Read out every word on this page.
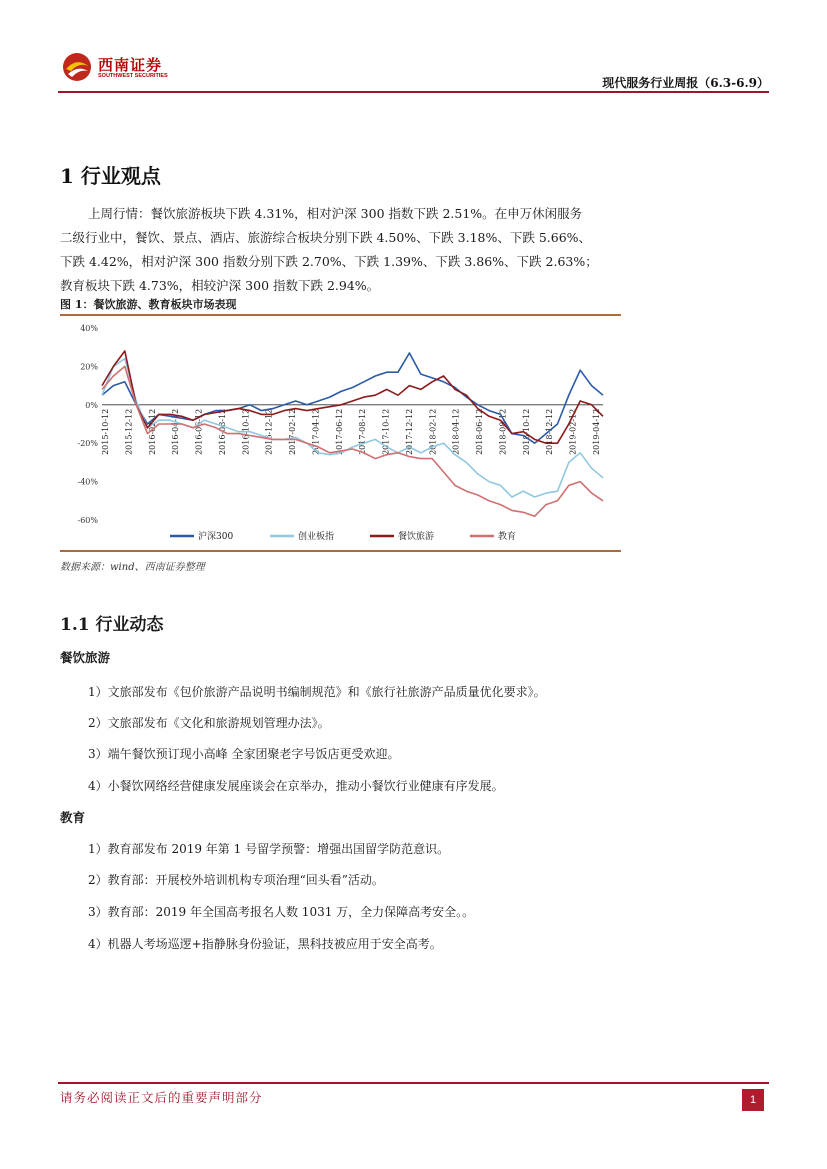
西南证券
SOUTHWEST SECURITIES	现代服务行业周报（6.3-6.9）
1 行业观点
上周行情：餐饮旅游板块下跌 4.31%，相对沪深 300 指数下跌 2.51%。在申万休闲服务
二级行业中，餐饮、景点、酒店、旅游综合板块分别下跌 4.50%、下跌 3.18%、下跌 5.66%、
下跌 4.42%，相对沪深 300 指数分别下跌 2.70%、下跌 1.39%、下跌 3.86%、下跌 2.63%；
教育板块下跌 4.73%，相较沪深 300 指数下跌 2.94%。
图 1：餐饮旅游、教育板块市场表现
40%
20%
0%
-20%
-40%
-60%
2015-10-12 2015-12-12 2016-02-12 2016-04-12 2016-06-12 2016-08-12 2016-10-12 2016-12-12 2017-02-12 2017-04-12 2017-06-12 2017-08-12 2017-10-12 2017-12-12 2018-02-12 2018-04-12 2018-06-12 2018-08-12 2018-10-12 2018-12-12 2019-02-12 2019-04-12
沪深300	创业板指	餐饮旅游	教育
数据来源：wind、西南证券整理
1.1 行业动态
餐饮旅游
1）文旅部发布《包价旅游产品说明书编制规范》和《旅行社旅游产品质量优化要求》。
2）文旅部发布《文化和旅游规划管理办法》。
3）端午餐饮预订现小高峰 全家团聚老字号饭店更受欢迎。
4）小餐饮网络经营健康发展座谈会在京举办，推动小餐饮行业健康有序发展。
教育
1）教育部发布 2019 年第 1 号留学预警：增强出国留学防范意识。
2）教育部：开展校外培训机构专项治理“回头看”活动。
3）教育部：2019 年全国高考报名人数 1031 万，全力保障高考安全。。
4）机器人考场巡逻+指静脉身份验证，黑科技被应用于安全高考。
请务必阅读正文后的重要声明部分	1
